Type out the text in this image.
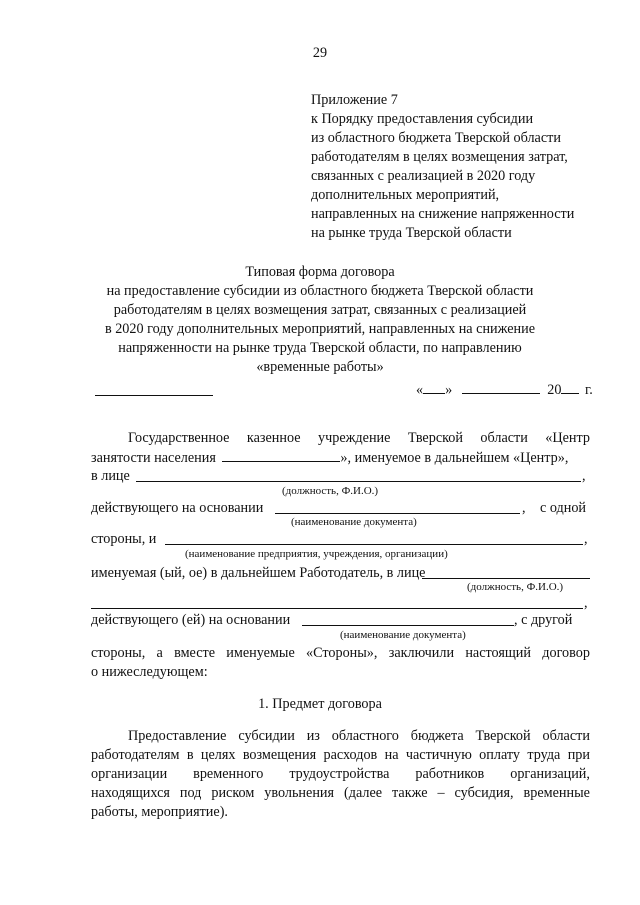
29
Приложение 7
к Порядку предоставления субсидии
из областного бюджета Тверской области
работодателям в целях возмещения затрат,
связанных с реализацией в 2020 году
дополнительных мероприятий,
направленных на снижение напряженности
на рынке труда Тверской области
Типовая форма договора
на предоставление субсидии из областного бюджета Тверской области
работодателям в целях возмещения затрат, связанных с реализацией
в 2020 году дополнительных мероприятий, направленных на снижение
напряженности на рынке труда Тверской области, по направлению
«временные работы»
« »	20 г.
Государственное казенное учреждение Тверской области «Центр
занятости населения	», именуемое в дальнейшем «Центр»,
в лице	,
(должность, Ф.И.О.)
действующего на основании	, с одной
(наименование документа)
стороны, и	,
(наименование предприятия, учреждения, организации)
именуемая (ый, ое) в дальнейшем Работодатель, в лице
(должность, Ф.И.О.)
,
действующего (ей) на основании	, с другой
(наименование документа)
стороны, а вместе именуемые «Стороны», заключили настоящий договор
о нижеследующем:
1. Предмет договора
Предоставление субсидии из областного бюджета Тверской области
работодателям в целях возмещения расходов на частичную оплату труда при
организации временного трудоустройства работников организаций,
находящихся под риском увольнения (далее также – субсидия, временные
работы, мероприятие).
